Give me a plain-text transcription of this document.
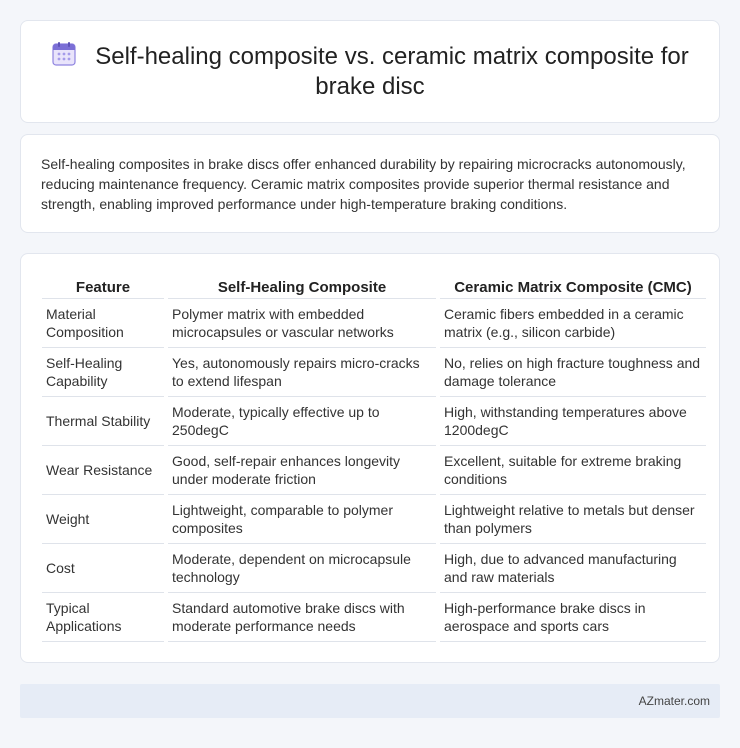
Self-healing composite vs. ceramic matrix composite for brake disc

Self-healing composites in brake discs offer enhanced durability by repairing microcracks autonomously, reducing maintenance frequency. Ceramic matrix composites provide superior thermal resistance and strength, enabling improved performance under high-temperature braking conditions.

Feature	Self-Healing Composite	Ceramic Matrix Composite (CMC)
Material Composition	Polymer matrix with embedded microcapsules or vascular networks	Ceramic fibers embedded in a ceramic matrix (e.g., silicon carbide)
Self-Healing Capability	Yes, autonomously repairs micro-cracks to extend lifespan	No, relies on high fracture toughness and damage tolerance
Thermal Stability	Moderate, typically effective up to 250degC	High, withstanding temperatures above 1200degC
Wear Resistance	Good, self-repair enhances longevity under moderate friction	Excellent, suitable for extreme braking conditions
Weight	Lightweight, comparable to polymer composites	Lightweight relative to metals but denser than polymers
Cost	Moderate, dependent on microcapsule technology	High, due to advanced manufacturing and raw materials
Typical Applications	Standard automotive brake discs with moderate performance needs	High-performance brake discs in aerospace and sports cars
AZmater.com
